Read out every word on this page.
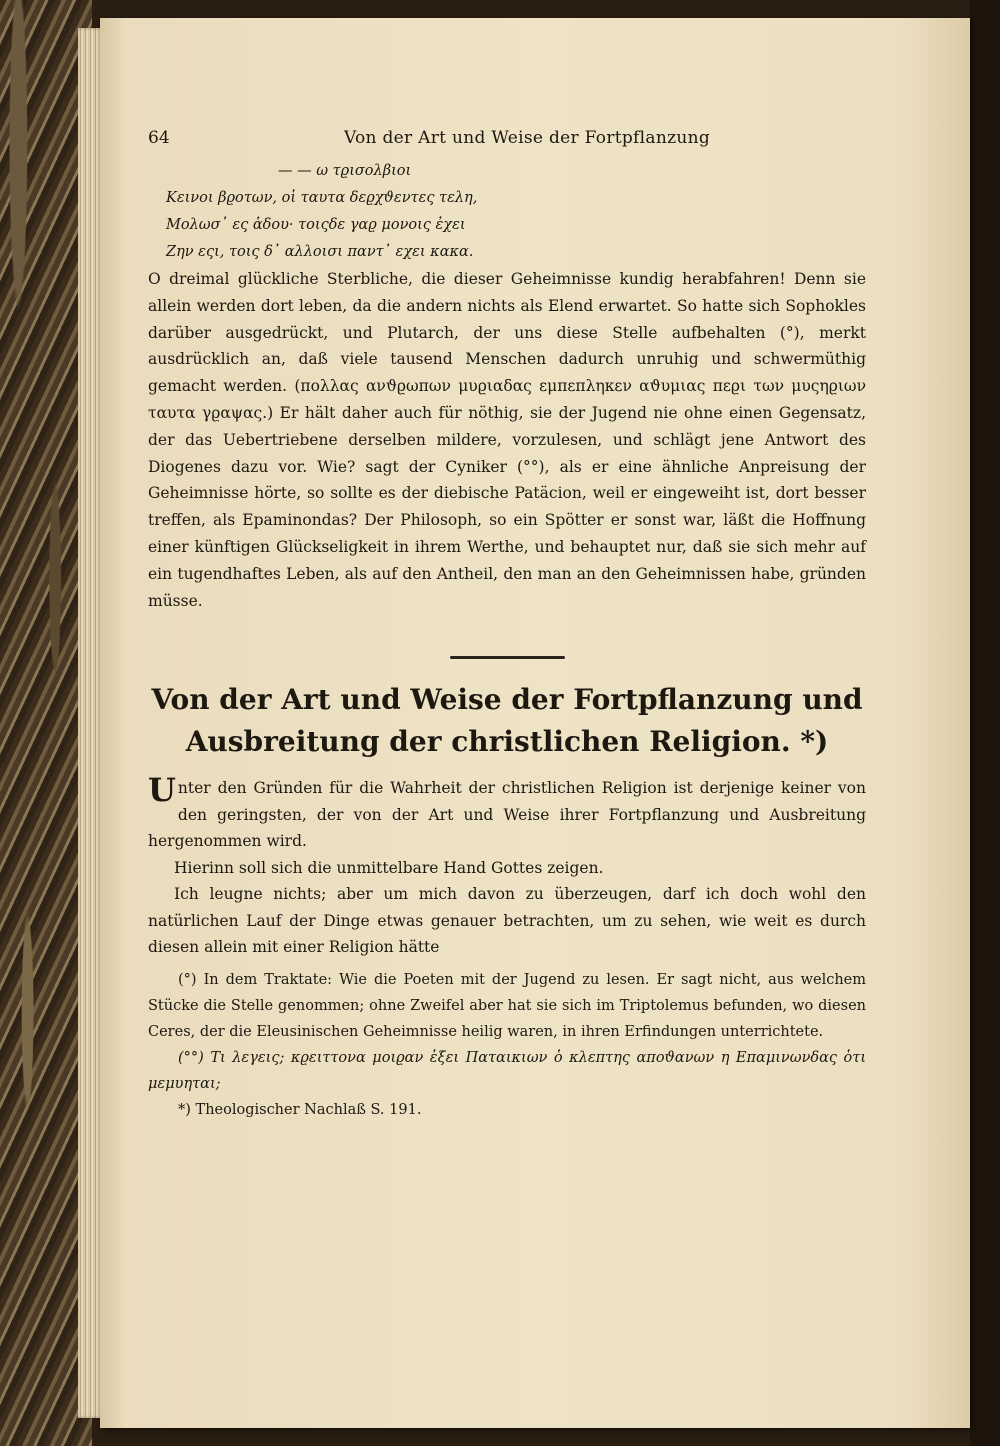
64	Von der Art und Weise der Fortpflanzung
— — ω τϱισολβιοι
Κεινοι βϱοτων, οἱ ταυτα δεϱχϑεντες τελη,
Μολωσ᾽ ες ἁδου· τοιςδε γαϱ μονοις ἐχει
Ζην εςι, τοις δ᾽ αλλοισι παντ᾽ εχει κακα.

O dreimal glückliche Sterbliche, die dieser Geheimnisse kundig herabfahren! Denn sie allein werden dort leben, da die andern nichts als Elend erwartet. So hatte sich Sophokles darüber ausgedrückt, und Plutarch, der uns diese Stelle aufbehalten (°), merkt ausdrücklich an, daß viele tausend Menschen dadurch unruhig und schwermüthig gemacht werden. (πολλας ανϑϱωπων μυϱιαδας εμπεπληκεν αϑυμιας πεϱι των μυςηϱιων ταυτα γϱαψας.) Er hält daher auch für nöthig, sie der Jugend nie ohne einen Gegensatz, der das Uebertriebene derselben mildere, vorzulesen, und schlägt jene Antwort des Diogenes dazu vor. Wie? sagt der Cyniker (°°), als er eine ähnliche Anpreisung der Geheimnisse hörte, so sollte es der diebische Patäcion, weil er eingeweiht ist, dort besser treffen, als Epaminondas? Der Philosoph, so ein Spötter er sonst war, läßt die Hoffnung einer künftigen Glückseligkeit in ihrem Werthe, und behauptet nur, daß sie sich mehr auf ein tugendhaftes Leben, als auf den Antheil, den man an den Geheimnissen habe, gründen müsse.

Von der Art und Weise der Fortpflanzung und
Ausbreitung der christlichen Religion. *)

Unter den Gründen für die Wahrheit der christlichen Religion ist derjenige keiner von den geringsten, der von der Art und Weise ihrer Fortpflanzung und Ausbreitung hergenommen wird.

Hierinn soll sich die unmittelbare Hand Gottes zeigen.

Ich leugne nichts; aber um mich davon zu überzeugen, darf ich doch wohl den natürlichen Lauf der Dinge etwas genauer betrachten, um zu sehen, wie weit es durch diesen allein mit einer Religion hätte

(°) In dem Traktate: Wie die Poeten mit der Jugend zu lesen. Er sagt nicht, aus welchem Stücke die Stelle genommen; ohne Zweifel aber hat sie sich im Triptolemus befunden, wo diesen Ceres, der die Eleusinischen Geheimnisse heilig waren, in ihren Erfindungen unterrichtete.

(°°) Τι λεγεις; κϱειττονα μοιϱαν ἑξει Παταικιων ὁ κλεπτης αποϑανων η Επαμινωνδας ὁτι μεμυηται;

*) Theologischer Nachlaß S. 191.
